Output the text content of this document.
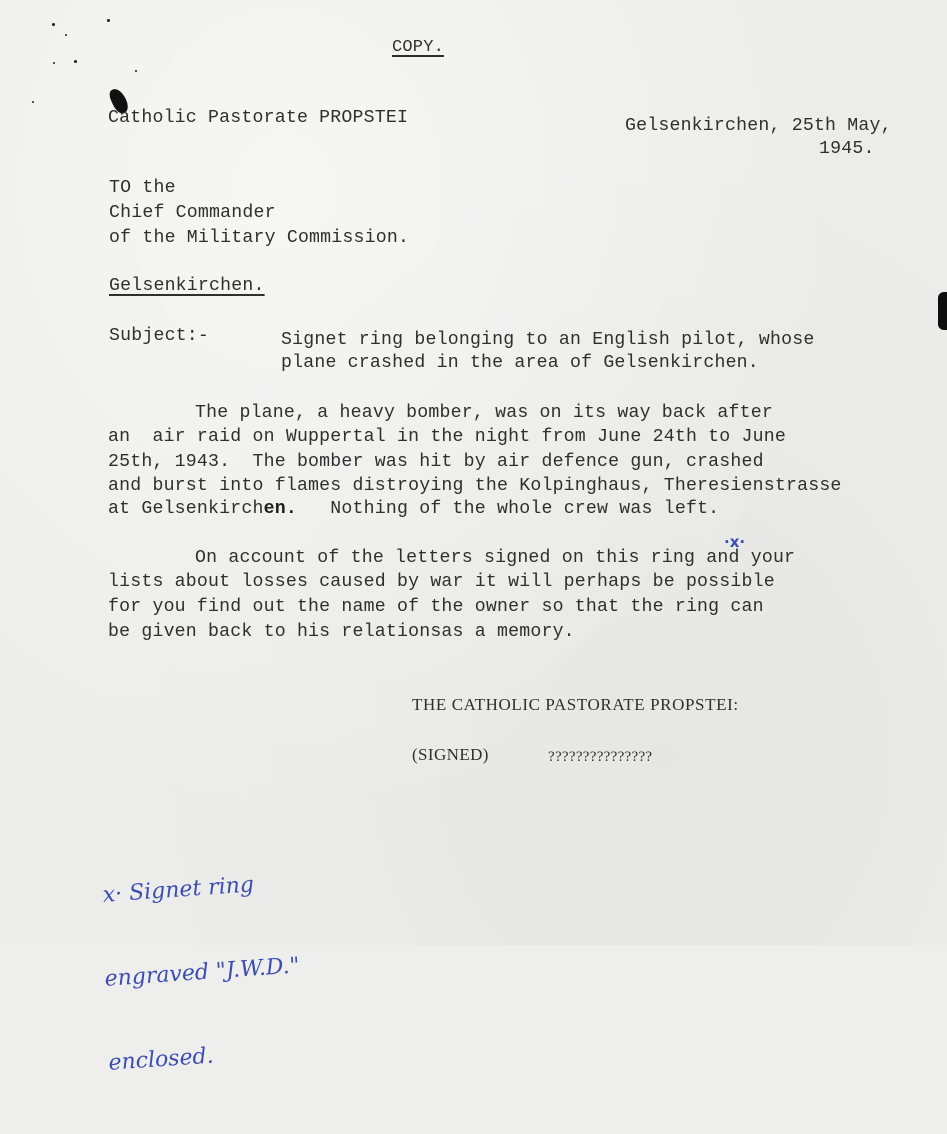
COPY.
Catholic Pastorate PROPSTEI	Gelsenkirchen, 25th May,
1945.
TO the
Chief Commander
of the Military Commission.
Gelsenkirchen.
Subject:-	Signet ring belonging to an English pilot, whose
plane crashed in the area of Gelsenkirchen.
The plane, a heavy bomber, was on its way back after
an  air raid on Wuppertal in the night from June 24th to June
25th, 1943.  The bomber was hit by air defence gun, crashed
and burst into flames distroying the Kolpinghaus, Theresienstrasse
at Gelsenkirchen.   Nothing of the whole crew was left.
·x·
On account of the letters signed on this ring and your
lists about losses caused by war it will perhaps be possible
for you find out the name of the owner so that the ring can
be given back to his relationsas a memory.
THE CATHOLIC PASTORATE PROPSTEI:
(SIGNED)	???????????????

x· Signet ring

engraved "J.W.D."

enclosed.
